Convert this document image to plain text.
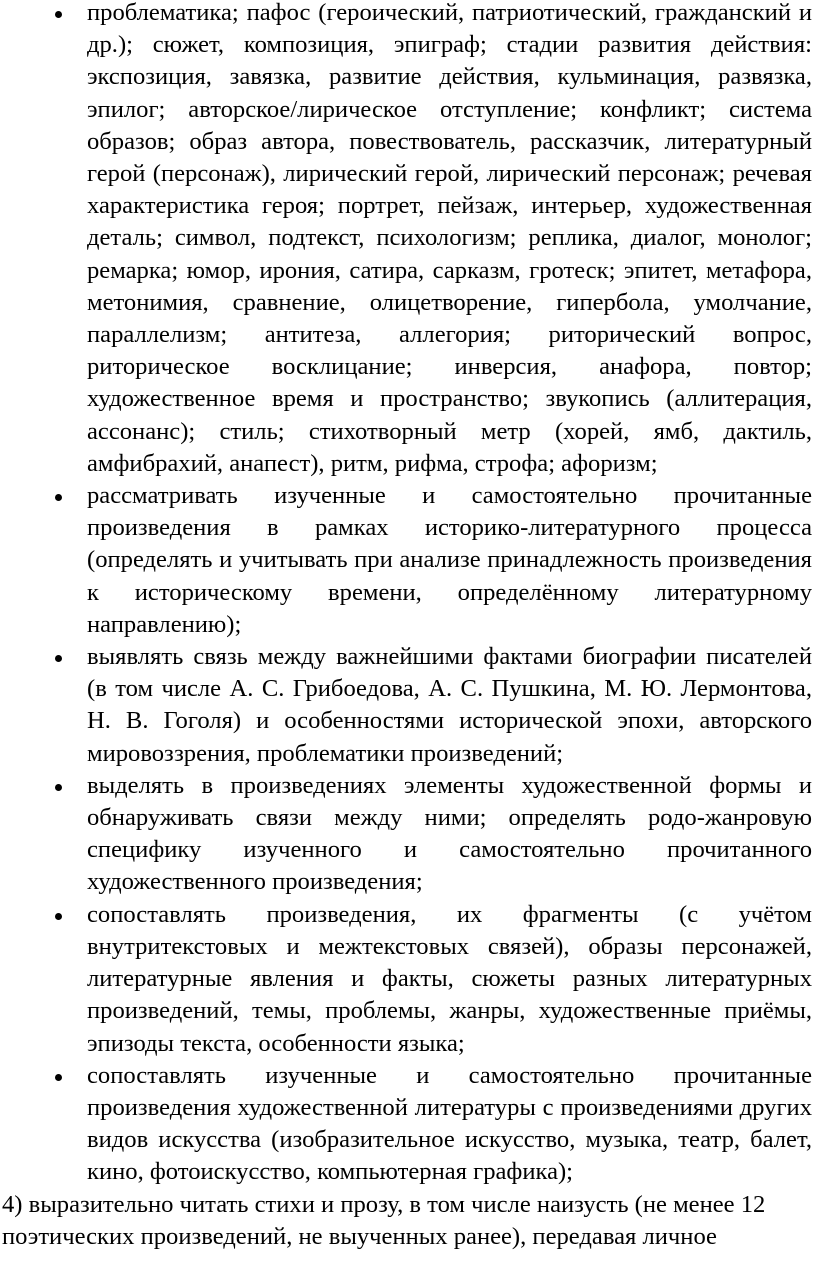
проблематика; пафос (героический, патриотический, гражданский и др.); сюжет, композиция, эпиграф; стадии развития действия: экспозиция, завязка, развитие действия, кульминация, развязка, эпилог; авторское/лирическое отступление; конфликт; система образов; образ автора, повествователь, рассказчик, литературный герой (персонаж), лирический герой, лирический персонаж; речевая характеристика героя; портрет, пейзаж, интерьер, художественная деталь; символ, подтекст, психологизм; реплика, диалог, монолог; ремарка; юмор, ирония, сатира, сарказм, гротеск; эпитет, метафора, метонимия, сравнение, олицетворение, гипербола, умолчание, параллелизм; антитеза, аллегория; риторический вопрос, риторическое восклицание; инверсия, анафора, повтор; художественное время и пространство; звукопись (аллитерация, ассонанс); стиль; стихотворный метр (хорей, ямб, дактиль, амфибрахий, анапест), ритм, рифма, строфа; афоризм;
рассматривать изученные и самостоятельно прочитанные произведения в рамках историко-литературного процесса (определять и учитывать при анализе принадлежность произведения к историческому времени, определённому литературному направлению);
выявлять связь между важнейшими фактами биографии писателей (в том числе А. С. Грибоедова, А. С. Пушкина, М. Ю. Лермонтова, Н. В. Гоголя) и особенностями исторической эпохи, авторского мировоззрения, проблематики произведений;
выделять в произведениях элементы художественной формы и обнаруживать связи между ними; определять родо-жанровую специфику изученного и самостоятельно прочитанного художественного произведения;
сопоставлять произведения, их фрагменты (с учётом внутритекстовых и межтекстовых связей), образы персонажей, литературные явления и факты, сюжеты разных литературных произведений, темы, проблемы, жанры, художественные приёмы, эпизоды текста, особенности языка;
сопоставлять изученные и самостоятельно прочитанные произведения художественной литературы с произведениями других видов искусства (изобразительное искусство, музыка, театр, балет, кино, фотоискусство, компьютерная графика);

4) выразительно читать стихи и прозу, в том числе наизусть (не менее 12 поэтических произведений, не выученных ранее), передавая личное
